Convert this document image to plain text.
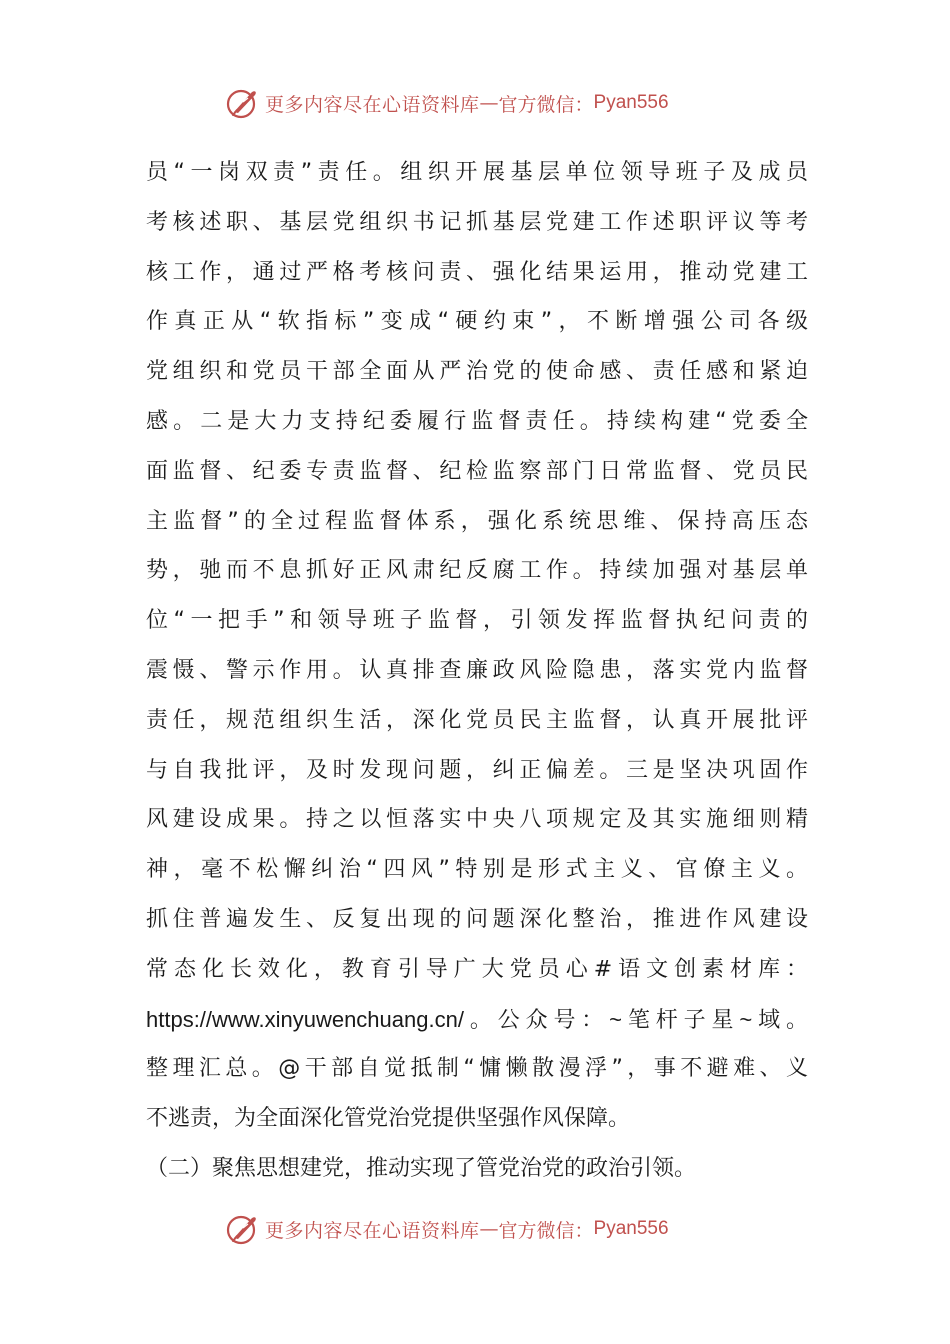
更多内容尽在心语资料库 — 官方微信： Pyan556
员“一岗双责”责任。组织开展基层单位领导班子及成员
考核述职、基层党组织书记抓基层党建工作述职评议等考
核工作，通过严格考核问责、强化结果运用，推动党建工
作真正从“软指标”变成“硬约束”，不断增强公司各级
党组织和党员干部全面从严治党的使命感、责任感和紧迫
感。二是大力支持纪委履行监督责任。持续构建“党委全
面监督、纪委专责监督、纪检监察部门日常监督、党员民
主监督”的全过程监督体系，强化系统思维、保持高压态
势，驰而不息抓好正风肃纪反腐工作。持续加强对基层单
位“一把手”和领导班子监督，引领发挥监督执纪问责的
震慑、警示作用。认真排查廉政风险隐患，落实党内监督
责任，规范组织生活，深化党员民主监督，认真开展批评
与自我批评，及时发现问题，纠正偏差。三是坚决巩固作
风建设成果。持之以恒落实中央八项规定及其实施细则精
神，毫不松懈纠治“四风”特别是形式主义、官僚主义。
抓住普遍发生、反复出现的问题深化整治，推进作风建设
常态化长效化，教育引导广大党员心#语文创素材库：
https://www.xinyuwenchuang.cn/。公众号：~笔杆子星~域。
整理汇总。@干部自觉抵制“慵懒散漫浮”，事不避难、义
不逃责，为全面深化管党治党提供坚强作风保障。
（二）聚焦思想建党，推动实现了管党治党的政治引领。
更多内容尽在心语资料库 — 官方微信： Pyan556
